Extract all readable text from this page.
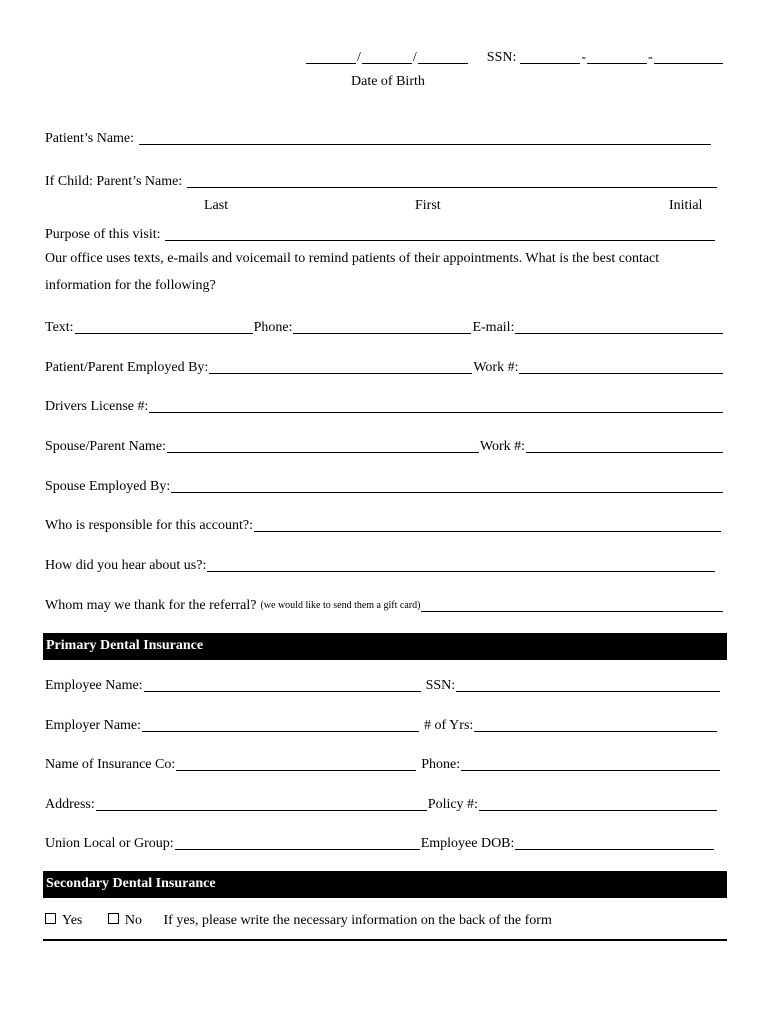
/	/	SSN:	-	-
Date of Birth
Patient’s Name:
If Child: Parent’s Name:
Last	First	Initial
Purpose of this visit:
Our office uses texts, e-mails and voicemail to remind patients of their appointments. What is the best contact
information for the following?
Text:	Phone:	E-mail:
Patient/Parent Employed By:	Work #:
Drivers License #:
Spouse/Parent Name:	Work #:
Spouse Employed By:
Who is responsible for this account?:
How did you hear about us?:
Whom may we thank for the referral? (we would like to send them a gift card)
Primary Dental Insurance
Employee Name:	SSN:
Employer Name:	# of Yrs:
Name of Insurance Co:	Phone:
Address:	Policy #:
Union Local or Group:	Employee DOB:
Secondary Dental Insurance
Yes	No If yes, please write the necessary information on the back of the form
